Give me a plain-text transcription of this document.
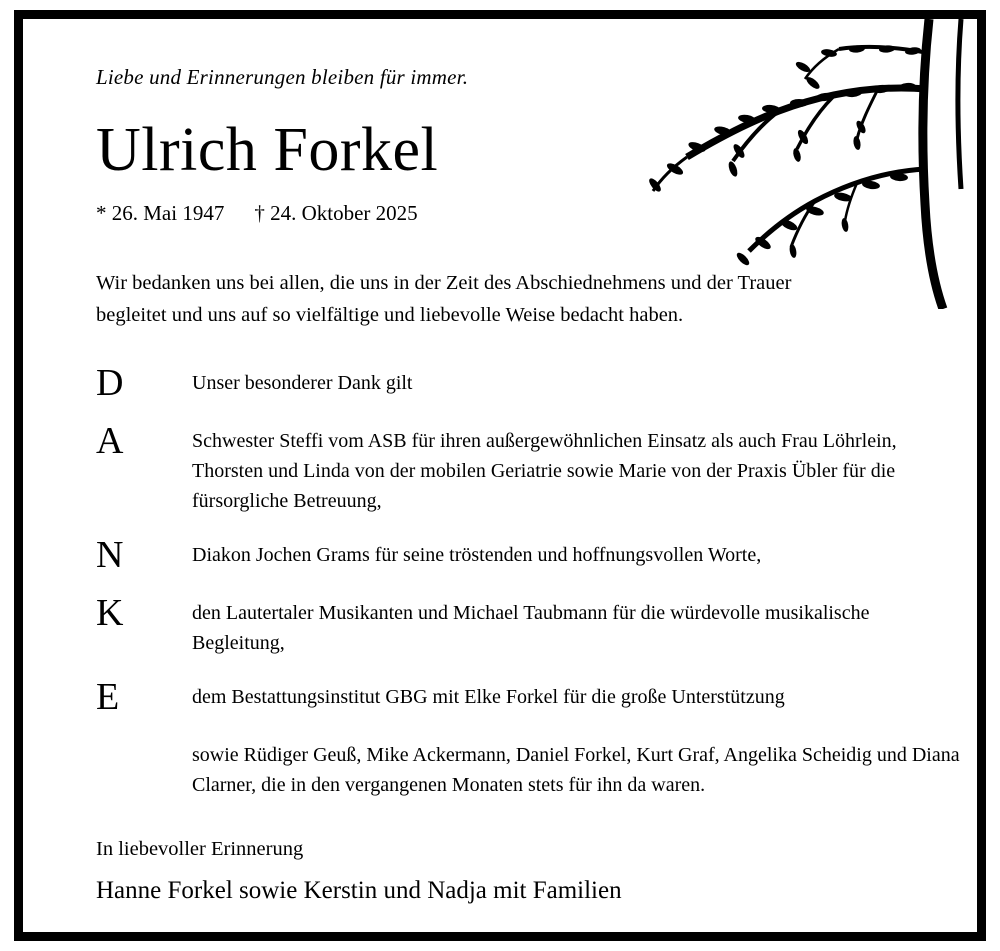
Liebe und Erinnerungen bleiben für immer.
Ulrich Forkel
* 26. Mai 1947 † 24. Oktober 2025
Wir bedanken uns bei allen, die uns in der Zeit des Abschiednehmens und der Trauer begleitet und uns auf so vielfältige und liebevolle Weise bedacht haben.
D	Unser besonderer Dank gilt
A	Schwester Steffi vom ASB für ihren außergewöhnlichen Einsatz als auch Frau Löhrlein, Thorsten und Linda von der mobilen Geriatrie sowie Marie von der Praxis Übler für die fürsorgliche Betreuung,
N	Diakon Jochen Grams für seine tröstenden und hoffnungsvollen Worte,
K	den Lautertaler Musikanten und Michael Taubmann für die würdevolle musikalische Begleitung,
E	dem Bestattungsinstitut GBG mit Elke Forkel für die große Unterstützung
sowie Rüdiger Geuß, Mike Ackermann, Daniel Forkel, Kurt Graf, Angelika Scheidig und Diana Clarner, die in den vergangenen Monaten stets für ihn da waren.
In liebevoller Erinnerung
Hanne Forkel sowie Kerstin und Nadja mit Familien
